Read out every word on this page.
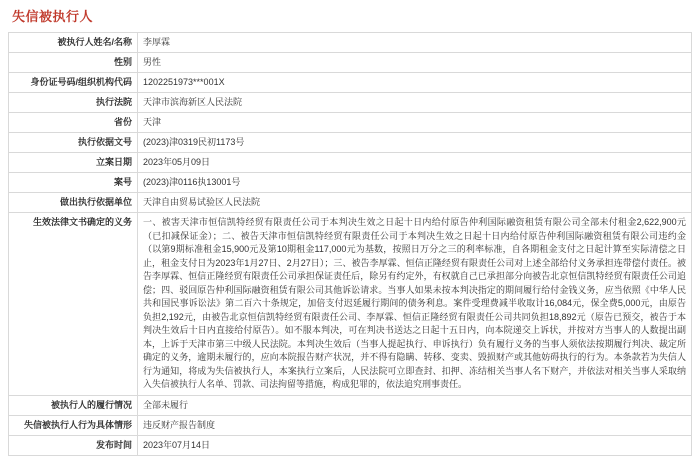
失信被执行人
被执行人姓名/名称	李厚霖
性别	男性
身份证号码/组织机构代码	1202251973***001X
执行法院	天津市滨海新区人民法院
省份	天津
执行依据文号	(2023)津0319民初1173号
立案日期	2023年05月09日
案号	(2023)津0116执13001号
做出执行依据单位	天津自由贸易试验区人民法院
生效法律文书确定的义务	一、被害天津市恒信凯特经贸有限责任公司于本判决生效之日起十日内给付原告仲利国际融资租赁有限公司全部未付租金2,622,900元（已扣减保证金）；二、被告天津市恒信凯特经贸有限责任公司于本判决生效之日起十日内给付原告仲利国际融资租赁有限公司违约金（以第9期标准租金15,900元及第10期租金117,000元为基数，按照日万分之三的利率标准，自各期租金支付之日起计算至实际清偿之日止，租金支付日为2023年1月27日、2月27日）；三、被告李厚霖、恒信正隆经贸有限责任公司对上述全部给付义务承担连带偿付责任。被告李厚霖、恒信正隆经贸有限责任公司承担保证责任后，除另有约定外，有权就自己已承担部分向被告北京恒信凯特经贸有限责任公司追偿；四、驳回原告仲利国际融资租赁有限公司其他诉讼请求。当事人如果未按本判决指定的期间履行给付金钱义务，应当依照《中华人民共和国民事诉讼法》第二百六十条规定，加倍支付迟延履行期间的债务利息。案件受理费减半收取计16,084元，保全费5,000元，由原告负担2,192元，由被告北京恒信凯特经贸有限责任公司、李厚霖、恒信正隆经贸有限责任公司共同负担18,892元（原告已预交，被告于本判决生效后十日内直接给付原告）。如不服本判决，可在判决书送达之日起十五日内，向本院递交上诉状，并按对方当事人的人数提出副本，上诉于天津市第三中级人民法院。本判决生效后（当事人提起执行、申诉执行）负有履行义务的当事人须依法按期履行判决、裁定所确定的义务，逾期未履行的，应向本院报告财产状况，并不得有隐瞒、转移、变卖、毁损财产或其他妨碍执行的行为。本条款若为失信人行为通知，将成为失信被执行人，本案执行立案后，人民法院可立即查封、扣押、冻结相关当事人名下财产，并依法对相关当事人采取纳入失信被执行人名单、罚款、司法拘留等措施，构成犯罪的，依法追究刑事责任。
被执行人的履行情况	全部未履行
失信被执行人行为具体情形	违反财产报告制度
发布时间	2023年07月14日
